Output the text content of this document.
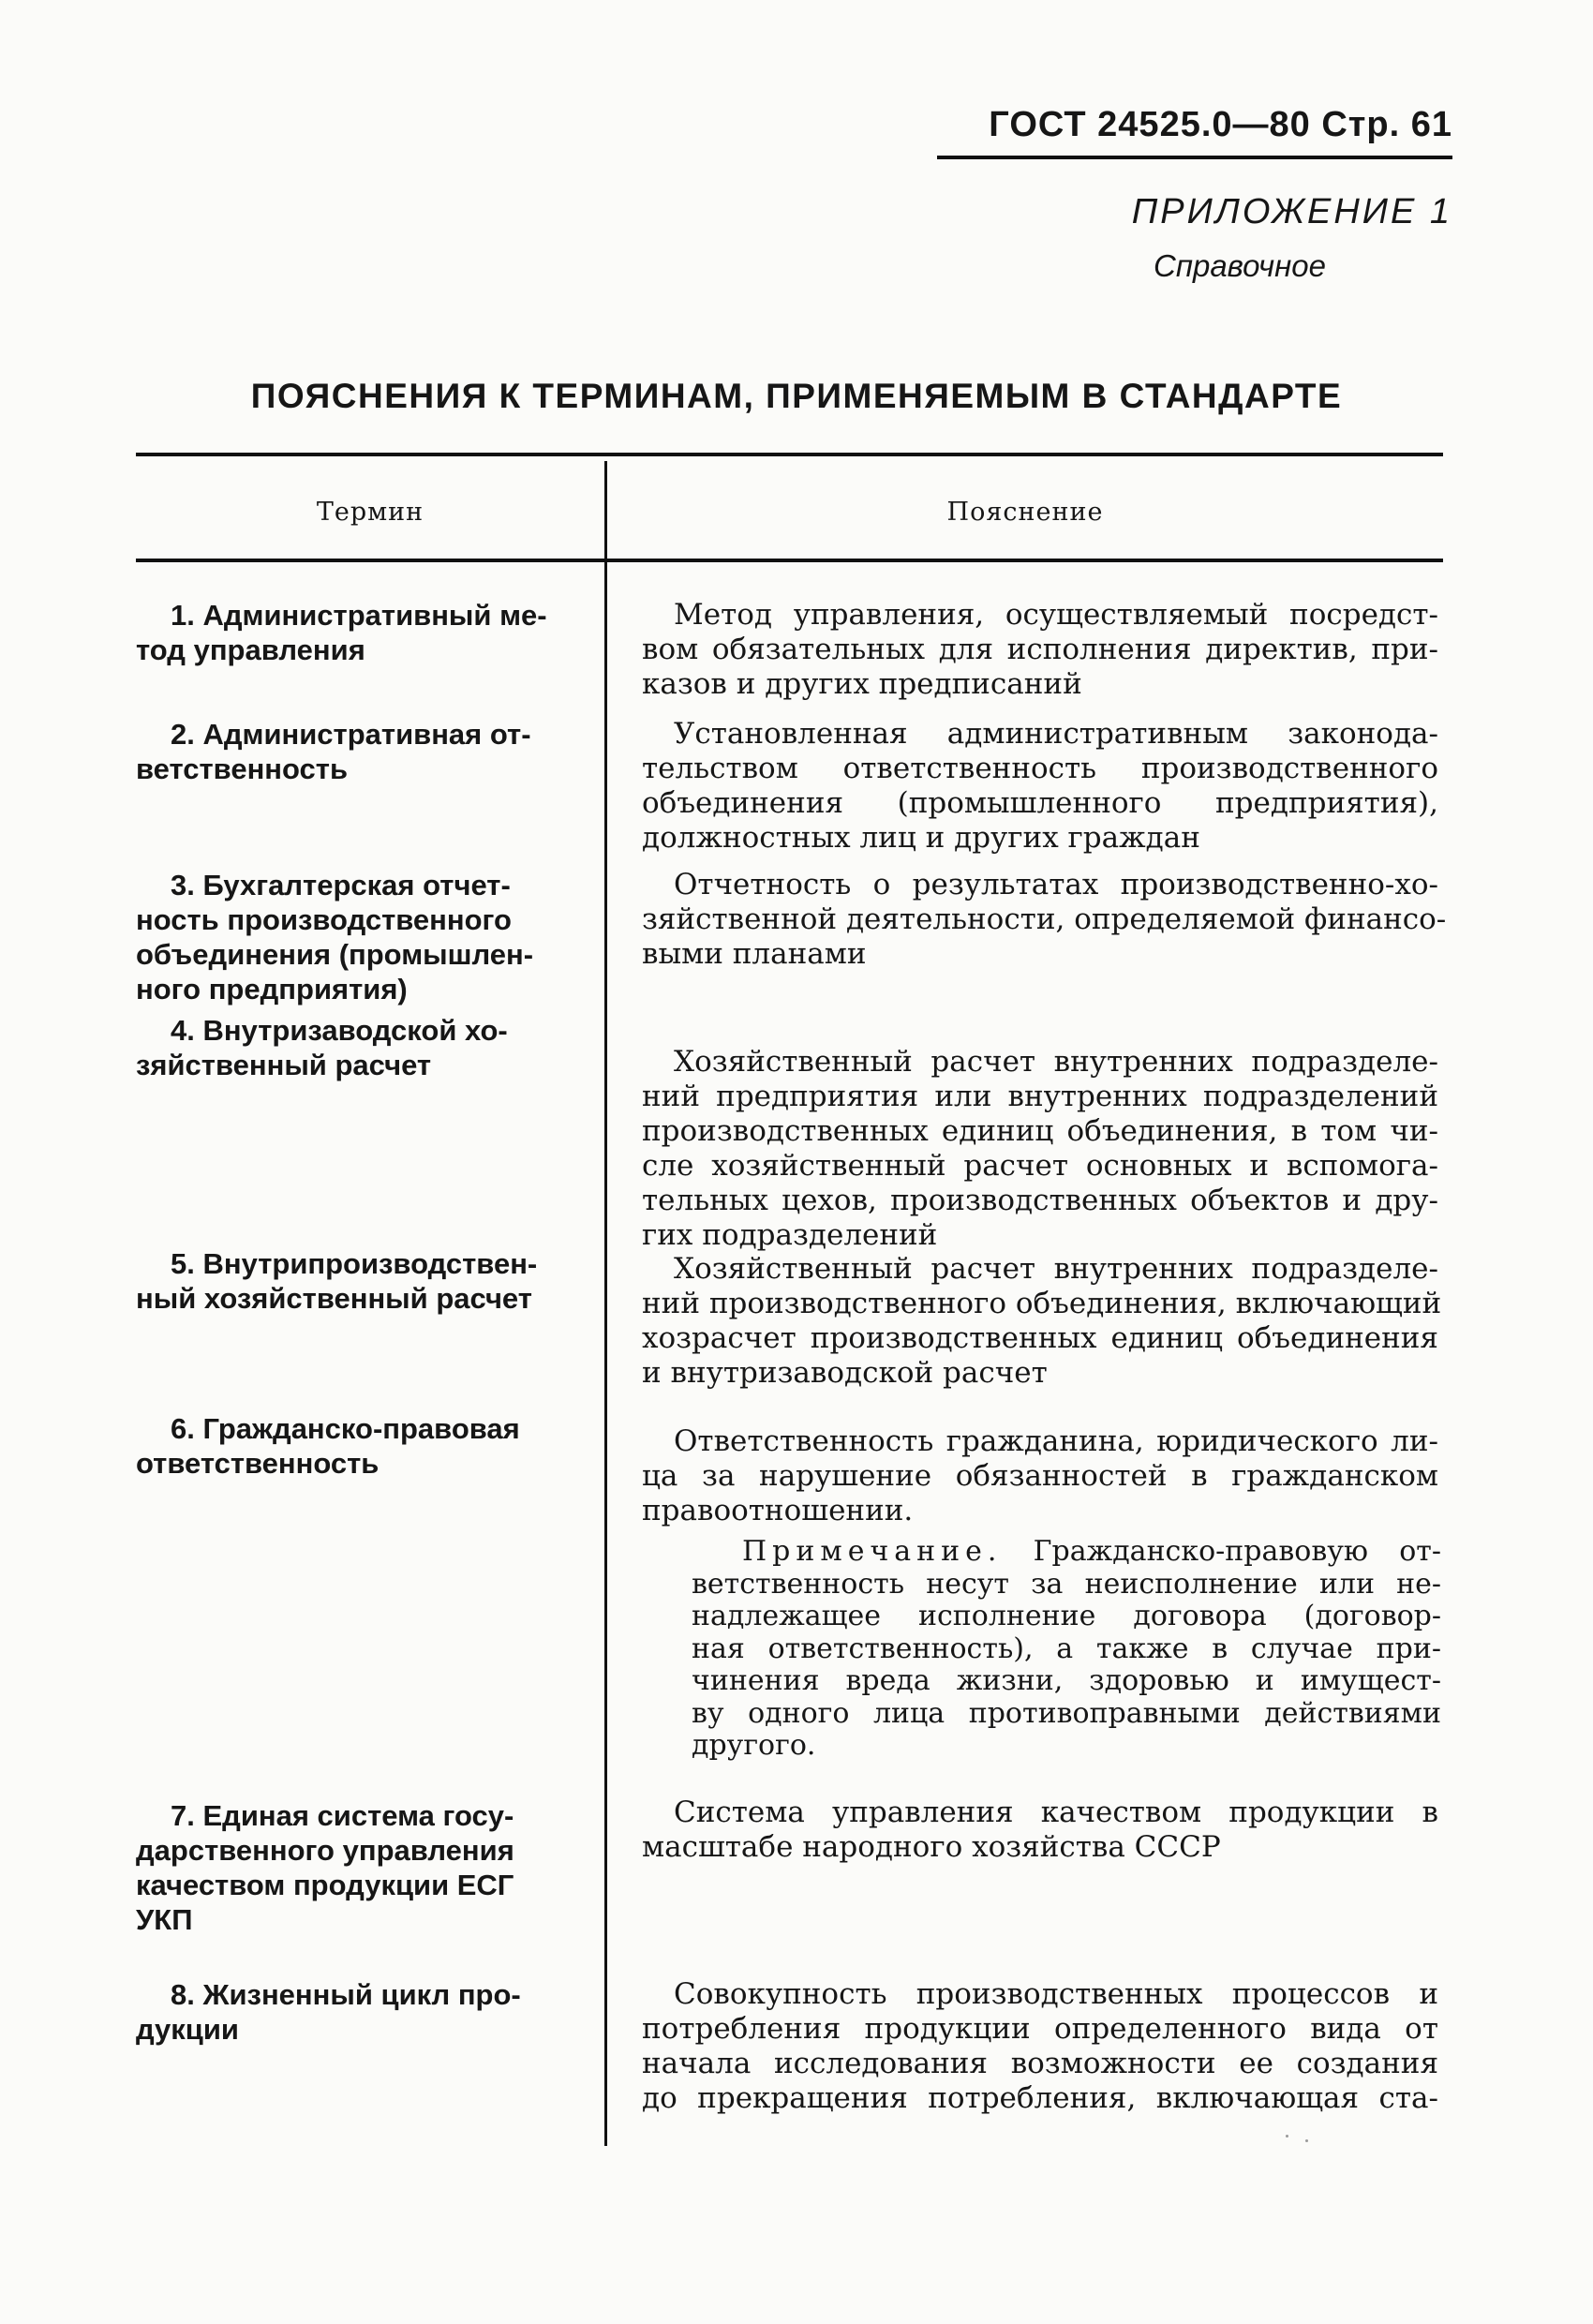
ГОСТ 24525.0—80 Стр. 61
ПРИЛОЖЕНИЕ 1
Справочное
ПОЯСНЕНИЯ К ТЕРМИНАМ, ПРИМЕНЯЕМЫМ В СТАНДАРТЕ
Термин	Пояснение
1. Административный ме-
тод управления
Метод управления, осуществляемый посредст-
вом обязательных для исполнения директив, при-
казов и других предписаний
2. Административная от-
ветственность
Установленная административным законода-
тельством ответственность производственного
объединения (промышленного предприятия),
должностных лиц и других граждан
3. Бухгалтерская отчет-
ность производственного
объединения (промышлен-
ного предприятия)
Отчетность о результатах производственно-хо-
зяйственной деятельности, определяемой финансо-
выми планами
4. Внутризаводской хо-
зяйственный расчет	Хозяйственный расчет внутренних подразделе-
ний предприятия или внутренних подразделений
производственных единиц объединения, в том чи-
сле хозяйственный расчет основных и вспомога-
тельных цехов, производственных объектов и дру-
гих подразделений
5. Внутрипроизводствен-
ный хозяйственный расчет
Хозяйственный расчет внутренних подразделе-
ний производственного объединения, включающий
хозрасчет производственных единиц объединения
и внутризаводской расчет
6. Гражданско-правовая
ответственность
Ответственность гражданина, юридического ли-
ца за нарушение обязанностей в гражданском
правоотношении.
Примечание. Гражданско-правовую от-
ветственность несут за неисполнение или не-
надлежащее исполнение договора (договор-
ная ответственность), а также в случае при-
чинения вреда жизни, здоровью и имущест-
ву одного лица противоправными действиями
другого.
7. Единая система госу-
дарственного управления
качеством продукции ЕСГ
УКП
Система управления качеством продукции в
масштабе народного хозяйства СССР
8. Жизненный цикл про-
дукции
Совокупность производственных процессов и
потребления продукции определенного вида от
начала исследования возможности ее создания
до прекращения потребления, включающая ста-
